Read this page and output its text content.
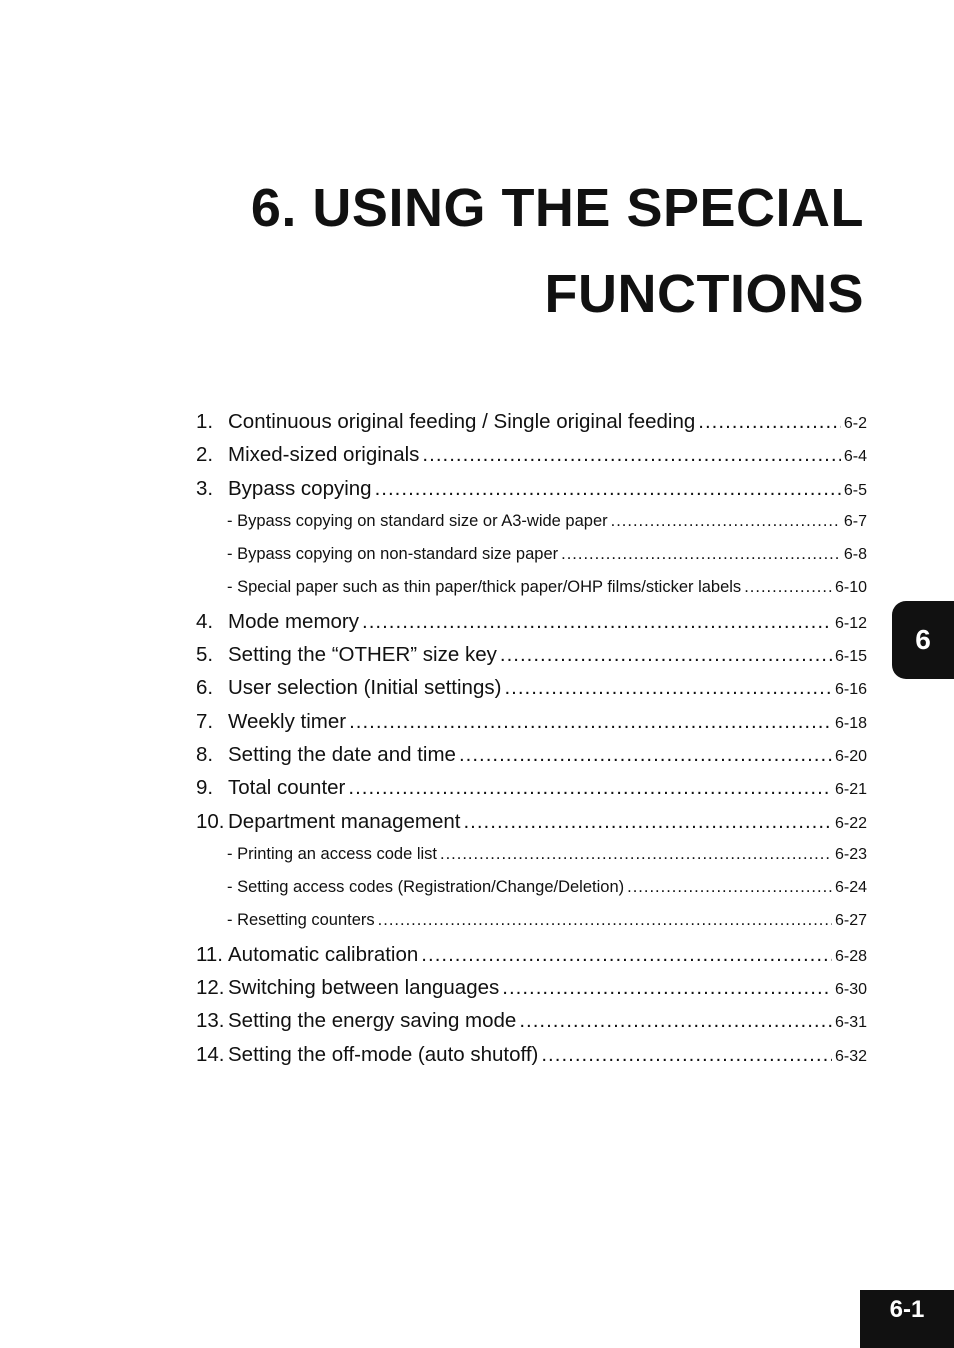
6. USING THE SPECIAL
FUNCTIONS
1. Continuous original feeding / Single original feeding .....	6-2
2. Mixed-sized originals .....	6-4
3. Bypass copying .....	6-5
- Bypass copying on standard size or A3-wide paper .....	6-7
- Bypass copying on non-standard size paper .....	6-8
- Special paper such as thin paper/thick paper/OHP films/sticker labels .....	6-10
4. Mode memory .....	6-12
5. Setting the “OTHER” size key .....	6-15
6. User selection (Initial settings) .....	6-16
7. Weekly timer .....	6-18
8. Setting the date and time .....	6-20
9. Total counter .....	6-21
10. Department management .....	6-22
- Printing an access code list .....	6-23
- Setting access codes (Registration/Change/Deletion) .....	6-24
- Resetting counters .....	6-27
11. Automatic calibration .....	6-28
12. Switching between languages .....	6-30
13. Setting the energy saving mode .....	6-31
14. Setting the off-mode (auto shutoff) .....	6-32
6
6-1
